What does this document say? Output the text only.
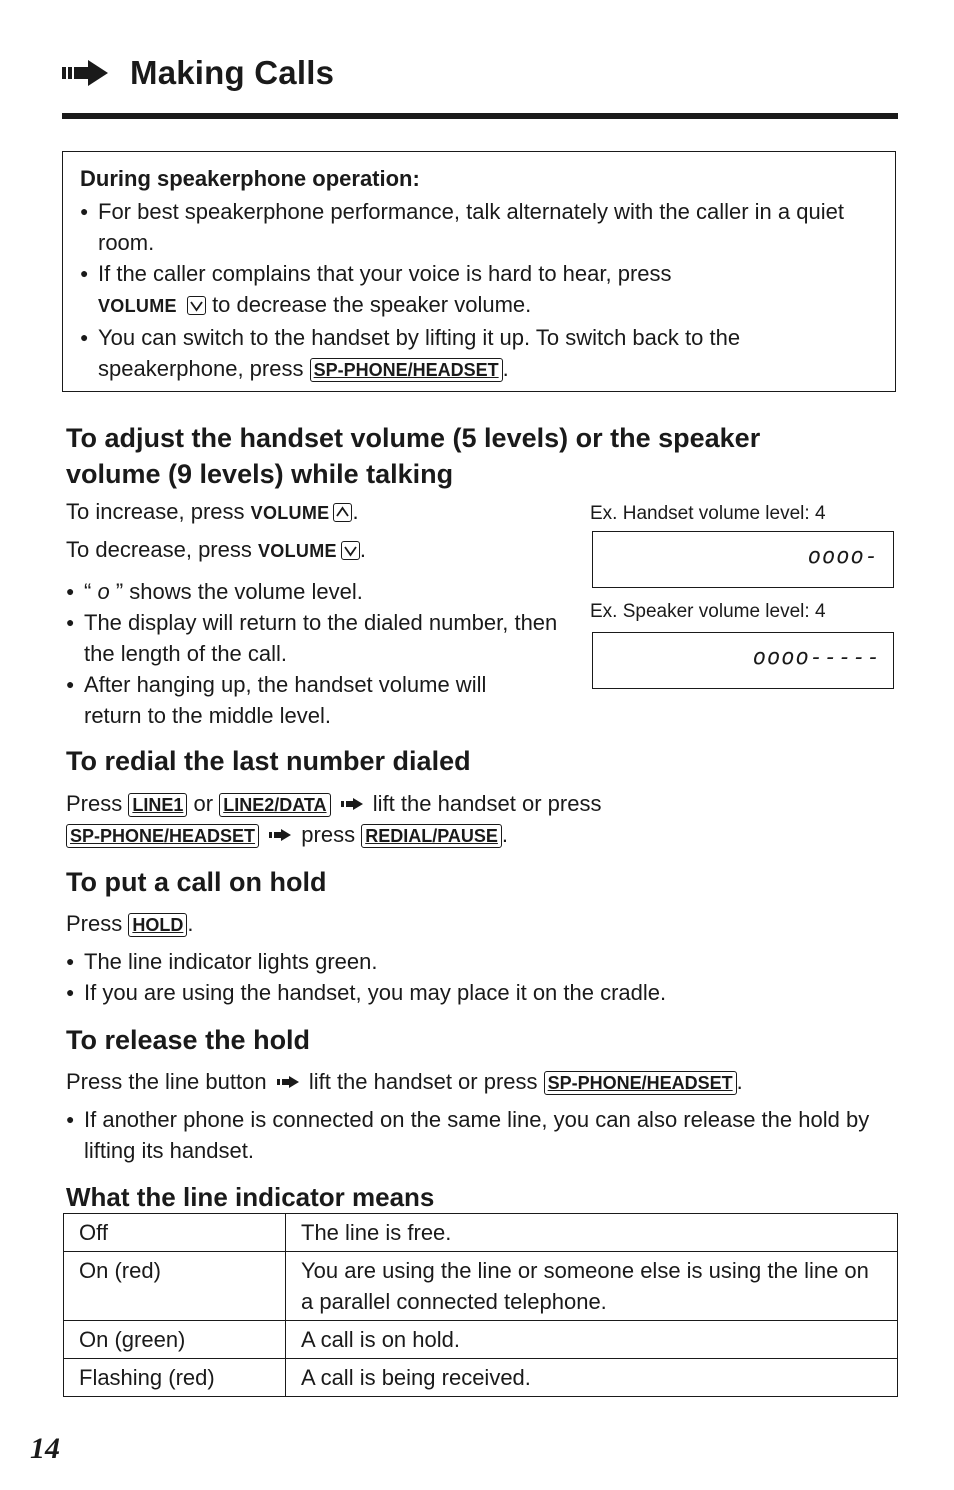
Making Calls
During speakerphone operation:
● For best speakerphone performance, talk alternately with the caller in a quiet room.
● If the caller complains that your voice is hard to hear, press
VOLUME to decrease the speaker volume.
● You can switch to the handset by lifting it up. To switch back to the speakerphone, press SP-PHONE/HEADSET .
To adjust the handset volume (5 levels) or the speaker
volume (9 levels) while talking
To increase, press VOLUME .
To decrease, press VOLUME .
● “ ο ” shows the volume level.
● The display will return to the dialed number, then the length of the call.
● After hanging up, the handset volume will return to the middle level.
Ex. Handset volume level: 4
οοοο-
Ex. Speaker volume level: 4
οοοο-----
To redial the last number dialed
Press LINE1 or LINE2/DATA lift the handset or press
SP-PHONE/HEADSET press REDIAL/PAUSE .
To put a call on hold
Press HOLD .
● The line indicator lights green.
● If you are using the handset, you may place it on the cradle.
To release the hold
Press the line button lift the handset or press SP-PHONE/HEADSET .
● If another phone is connected on the same line, you can also release the hold by lifting its handset.
What the line indicator means
Off	The line is free.
On (red)	You are using the line or someone else is using the line on a parallel connected telephone.
On (green)	A call is on hold.
Flashing (red)	A call is being received.
14
